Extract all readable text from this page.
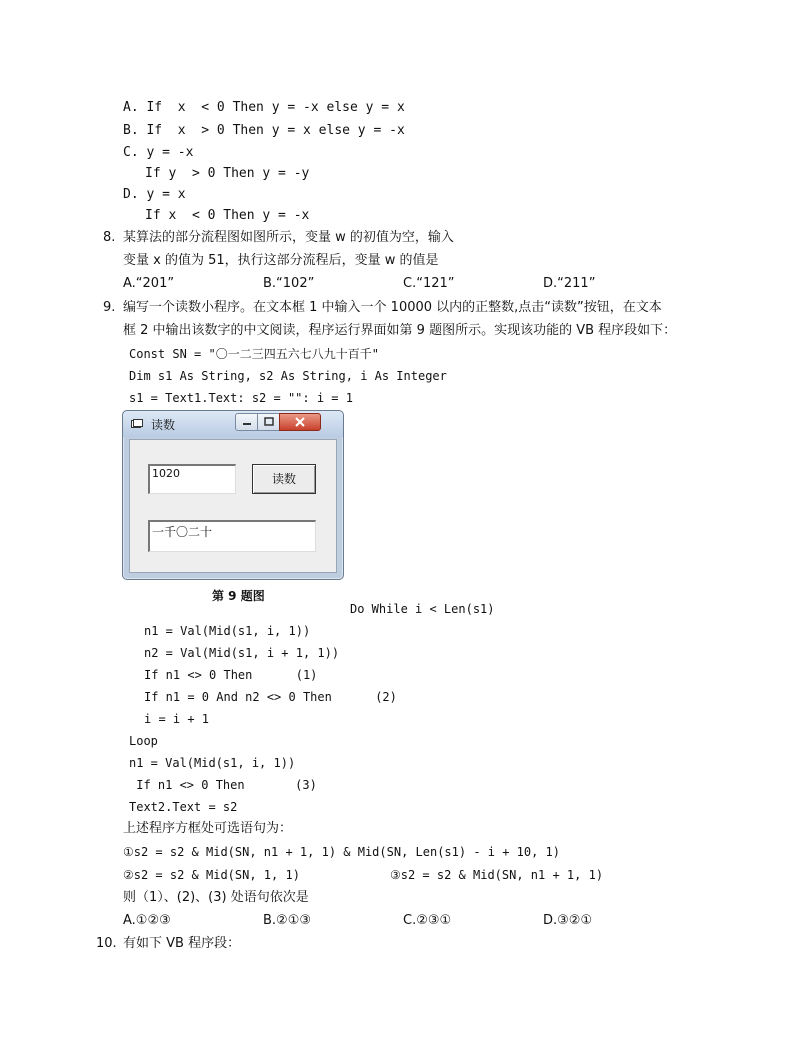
A. If  x  < 0 Then y = -x else y = x
B. If  x  > 0 Then y = x else y = -x
C. y = -x
If y  > 0 Then y = -y
D. y = x
If x  < 0 Then y = -x
8. 某算法的部分流程图如图所示，变量 w 的初值为空，输入
变量 x 的值为 51，执行这部分流程后，变量 w 的值是
A.“201”	B.“102”	C.“121”	D.“211”
9. 编写一个读数小程序。在文本框 1 中输入一个 10000 以内的正整数,点击“读数”按钮，在文本
框 2 中输出该数字的中文阅读，程序运行界面如第 9 题图所示。实现该功能的 VB 程序段如下：
Const SN = "〇一二三四五六七八九十百千"
Dim s1 As String, s2 As String, i As Integer
s1 = Text1.Text: s2 = "": i = 1
读数
1020	读数
一千〇二十
第 9 题图
Do While i < Len(s1)
n1 = Val(Mid(s1, i, 1))
n2 = Val(Mid(s1, i + 1, 1))
If n1 <> 0 Then      (1)
If n1 = 0 And n2 <> 0 Then      (2)
i = i + 1
Loop
n1 = Val(Mid(s1, i, 1))
If n1 <> 0 Then       (3)
Text2.Text = s2
上述程序方框处可选语句为：
①s2 = s2 & Mid(SN, n1 + 1, 1) & Mid(SN, Len(s1) - i + 10, 1)
②s2 = s2 & Mid(SN, 1, 1)	③s2 = s2 & Mid(SN, n1 + 1, 1)
则（1）、(2)、(3) 处语句依次是
A.①②③	B.②①③	C.②③①	D.③②①
10. 有如下 VB 程序段：
